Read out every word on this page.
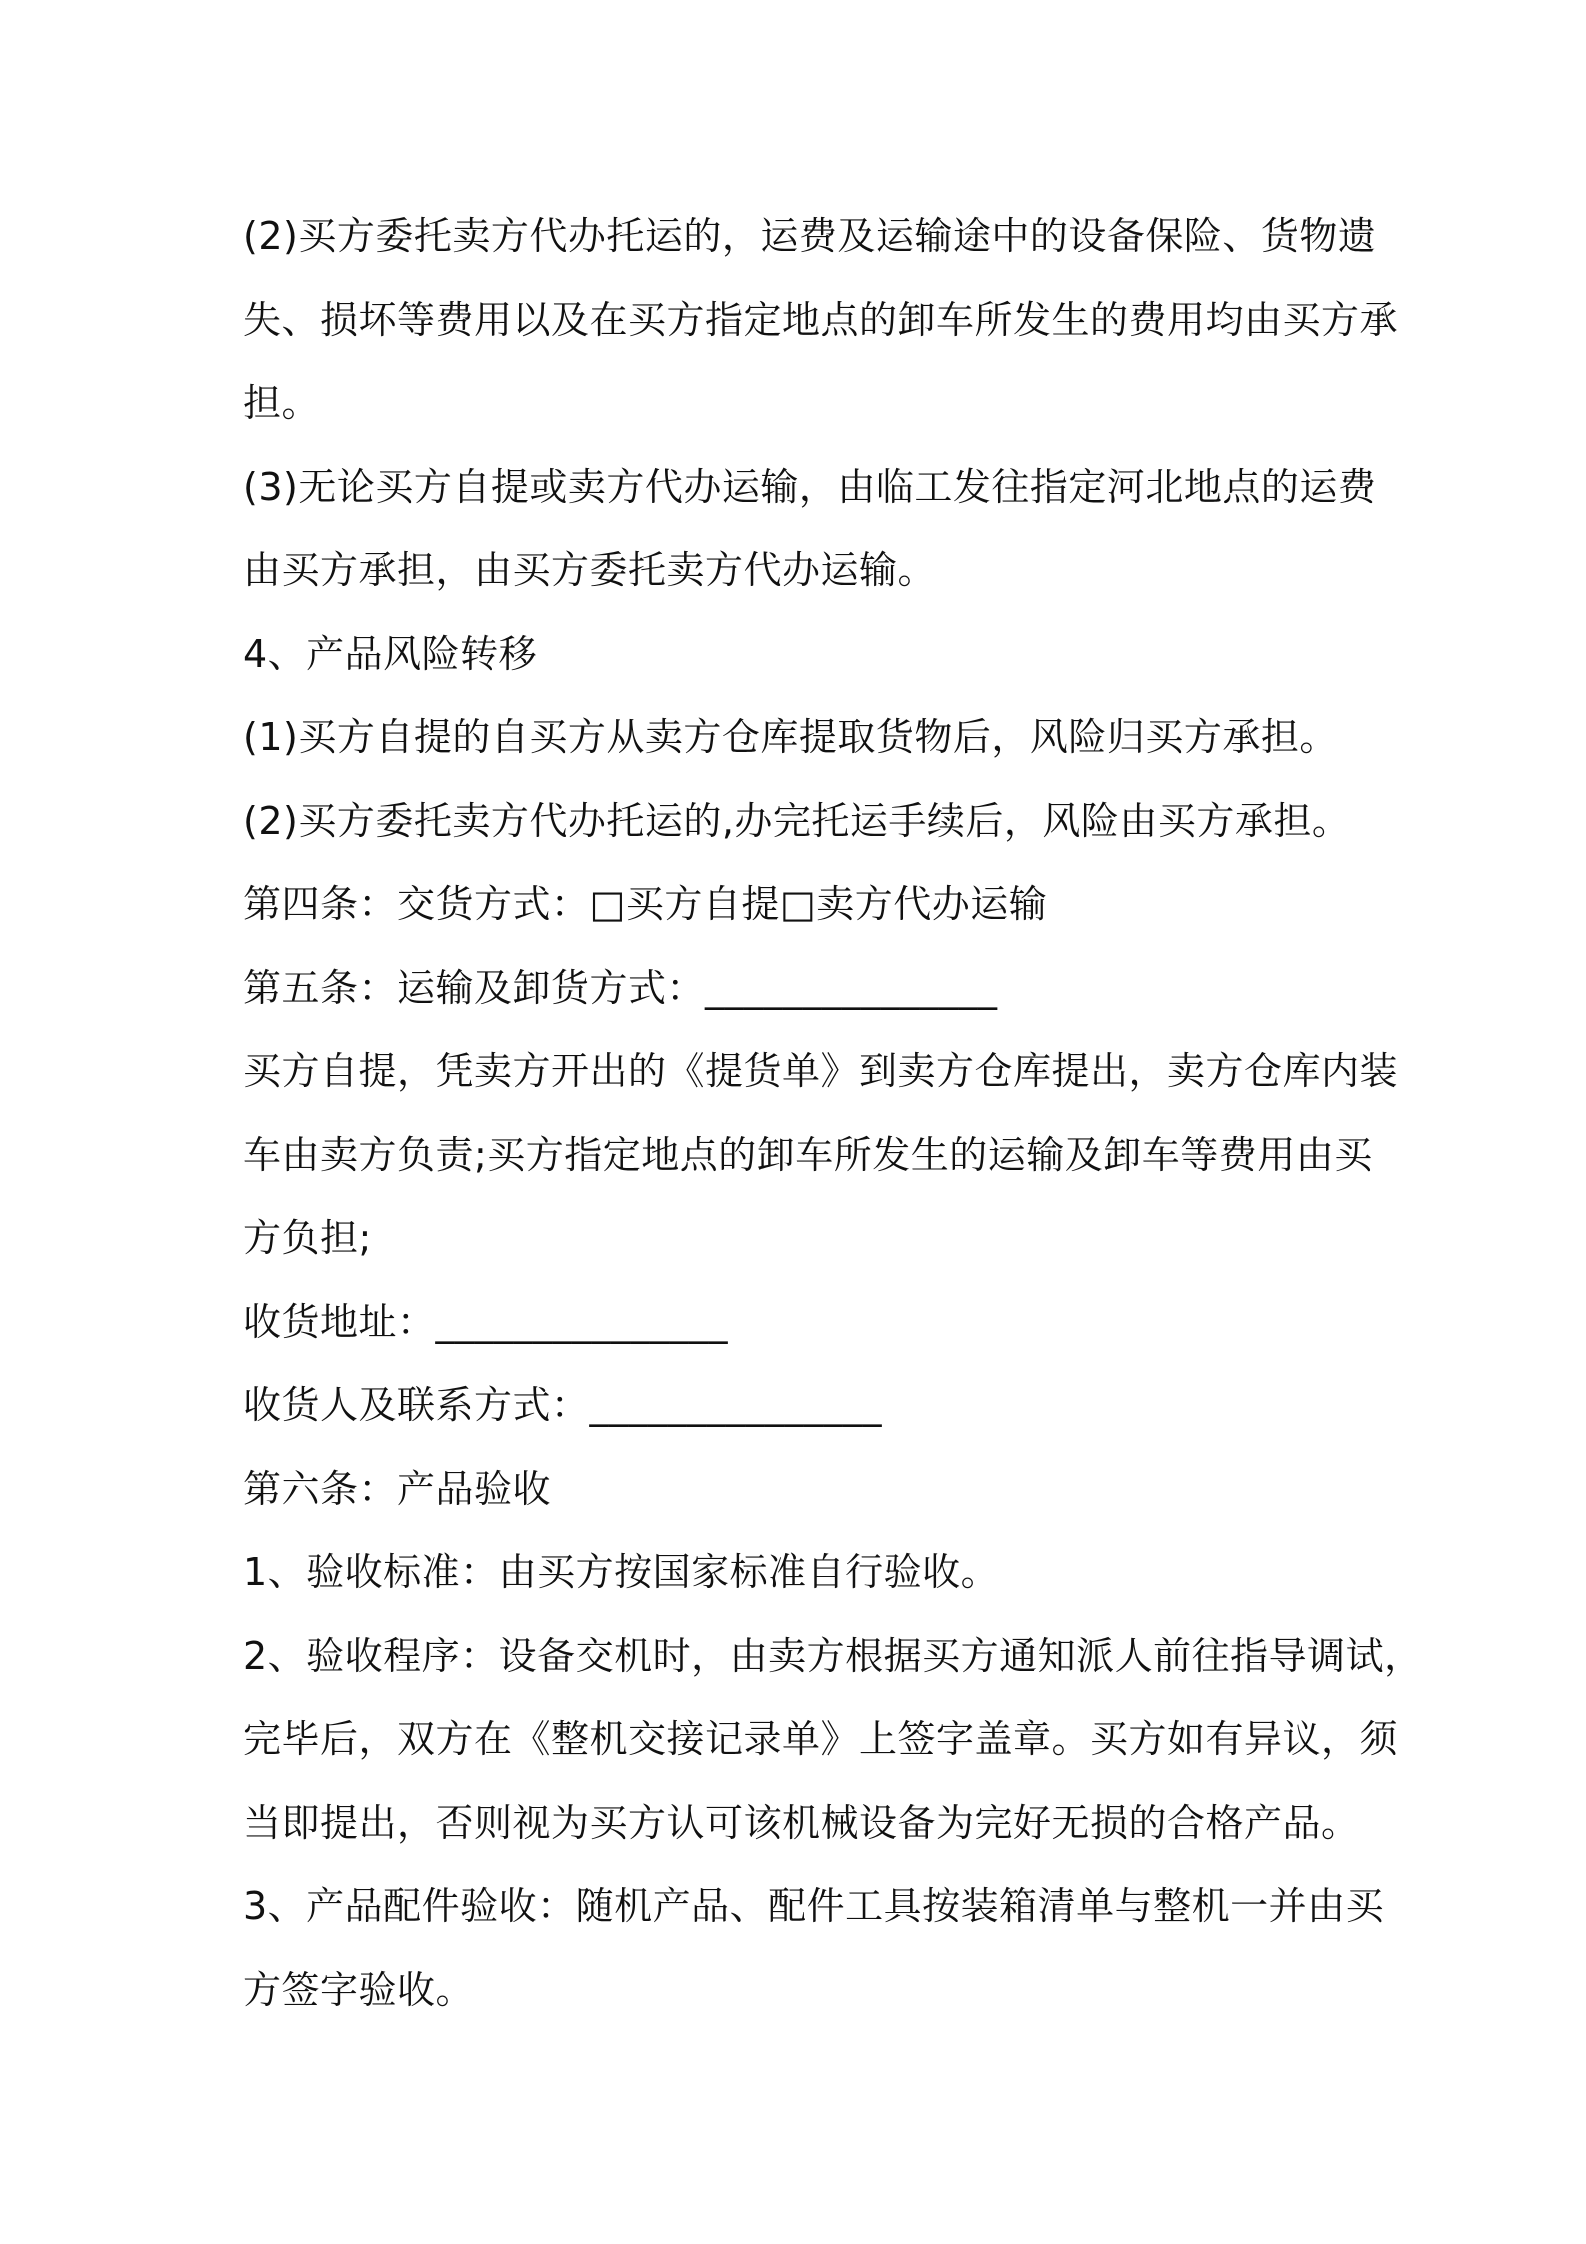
(2)买方委托卖方代办托运的，运费及运输途中的设备保险、货物遗
失、损坏等费用以及在买方指定地点的卸车所发生的费用均由买方承
担。
(3)无论买方自提或卖方代办运输，由临工发往指定河北地点的运费
由买方承担，由买方委托卖方代办运输。
4、产品风险转移
(1)买方自提的自买方从卖方仓库提取货物后，风险归买方承担。
(2)买方委托卖方代办托运的,办完托运手续后，风险由买方承担。
第四条：交货方式：□买方自提□卖方代办运输
第五条：运输及卸货方式：_______________
买方自提，凭卖方开出的《提货单》到卖方仓库提出，卖方仓库内装
车由卖方负责;买方指定地点的卸车所发生的运输及卸车等费用由买
方负担;
收货地址：_______________
收货人及联系方式：_______________
第六条：产品验收
1、验收标准：由买方按国家标准自行验收。
2、验收程序：设备交机时，由卖方根据买方通知派人前往指导调试，
完毕后，双方在《整机交接记录单》上签字盖章。买方如有异议，须
当即提出，否则视为买方认可该机械设备为完好无损的合格产品。
3、产品配件验收：随机产品、配件工具按装箱清单与整机一并由买
方签字验收。
